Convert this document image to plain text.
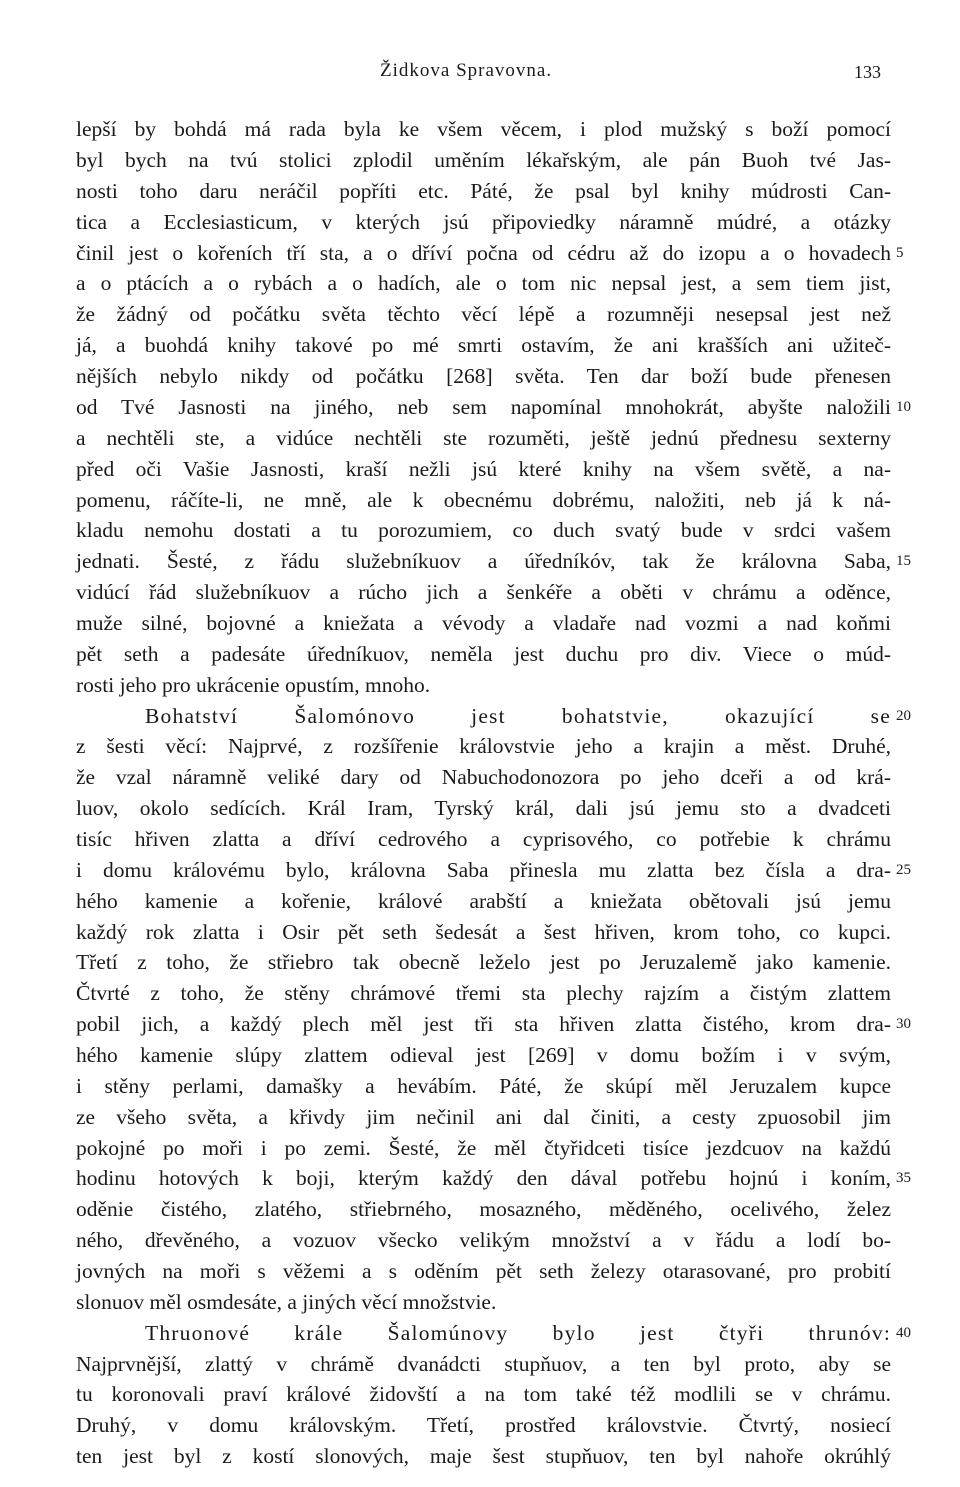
Židkova Spravovna.	133
lepší by bohdá má rada byla ke všem věcem, i plod mužský s boží pomocí
byl bych na tvú stolici zplodil uměním lékařským, ale pán Buoh tvé Jas-
nosti toho daru neráčil popříti etc. Páté, že psal byl knihy múdrosti Can-
tica a Ecclesiasticum, v kterých jsú připoviedky náramně múdré, a otázky
činil jest o kořeních tří sta, a o dříví počna od cédru až do izopu a o hovadech
a o ptácích a o rybách a o hadích, ale o tom nic nepsal jest, a sem tiem jist,
že žádný od počátku světa těchto věcí lépě a rozumněji nesepsal jest než
já, a buohdá knihy takové po mé smrti ostavím, že ani krašších ani užiteč-
nějších nebylo nikdy od počátku [268] světa. Ten dar boží bude přenesen
od Tvé Jasnosti na jiného, neb sem napomínal mnohokrát, abyšte naložili
a nechtěli ste, a vidúce nechtěli ste rozuměti, ještě jednú přednesu sexterny
před oči Vašie Jasnosti, kraší nežli jsú které knihy na všem světě, a na-
pomenu, ráčíte-li, ne mně, ale k obecnému dobrému, naložiti, neb já k ná-
kladu nemohu dostati a tu porozumiem, co duch svatý bude v srdci vašem
jednati. Šesté, z řádu služebníkuov a úředníkóv, tak že královna Saba,
vidúcí řád služebníkuov a rúcho jich a šenkéře a oběti v chrámu a oděnce,
muže silné, bojovné a kniežata a vévody a vladaře nad vozmi a nad koňmi
pět seth a padesáte úředníkuov, neměla jest duchu pro div. Viece o múd-
rosti jeho pro ukrácenie opustím, mnoho.
Bohatství Šalomónovo jest bohatstvie, okazující se
z šesti věcí: Najprvé, z rozšířenie královstvie jeho a krajin a měst. Druhé,
že vzal náramně veliké dary od Nabuchodonozora po jeho dceři a od krá-
luov, okolo sedících. Král Iram, Tyrský král, dali jsú jemu sto a dvadceti
tisíc hřiven zlatta a dříví cedrového a cyprisového, co potřebie k chrámu
i domu královému bylo, královna Saba přinesla mu zlatta bez čísla a dra-
hého kamenie a kořenie, králové arabští a kniežata obětovali jsú jemu
každý rok zlatta i Osir pět seth šedesát a šest hřiven, krom toho, co kupci.
Třetí z toho, že střiebro tak obecně leželo jest po Jeruzalemě jako kamenie.
Čtvrté z toho, že stěny chrámové třemi sta plechy rajzím a čistým zlattem
pobil jich, a každý plech měl jest tři sta hřiven zlatta čistého, krom dra-
hého kamenie slúpy zlattem odieval jest [269] v domu božím i v svým,
i stěny perlami, damašky a hevábím. Páté, že skúpí měl Jeruzalem kupce
ze všeho světa, a křivdy jim nečinil ani dal činiti, a cesty zpuosobil jim
pokojné po moři i po zemi. Šesté, že měl čtyřidceti tisíce jezdcuov na každú
hodinu hotových k boji, kterým každý den dával potřebu hojnú i koním,
oděnie čistého, zlatého, střiebrného, mosazného, měděného, ocelivého, želez
ného, dřevěného, a vozuov všecko velikým množství a v řádu a lodí bo-
jovných na moři s věžemi a s oděním pět seth železy otarasované, pro probití
slonuov měl osmdesáte, a jiných věcí množstvie.
Thruonové krále Šalomúnovy bylo jest čtyři thrunóv:
Najprvnější, zlattý v chrámě dvanádcti stupňuov, a ten byl proto, aby se
tu koronovali praví králové židovští a na tom také též modlili se v chrámu.
Druhý, v domu královským. Třetí, prostřed královstvie. Čtvrtý, nosiecí
ten jest byl z kostí slonových, maje šest stupňuov, ten byl nahoře okrúhlý
5
10
15
20
25
30
35
40
